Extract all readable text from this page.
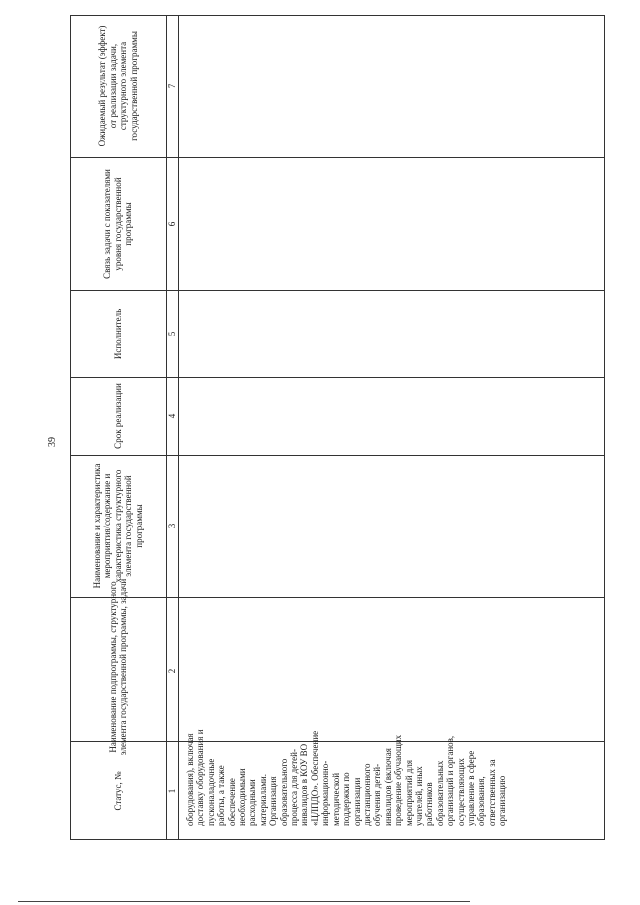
39
Статус, №
Наименование подпрограммы, структурного элемента государственной программы, задачи
Наименование и характеристика мероприятия/содержание и характеристика структурного элемента государственной программы
Срок реализации
Исполнитель
Связь задачи с показателями уровня государственной программы
Ожидаемый результат (эффект) от реализации задачи, структурного элемента государственной программы
1
2
3
4
5
6
7
оборудования), включая доставку оборудования и пусконаладочные работы, а также обеспечение необходимыми расходными материалами. Организация образовательного процесса для детей- инвалидов в КОУ ВО «ЦЛПДО». Обеспечение информационно- методической поддержки по организации дистанционного обучения детей- инвалидов (включая проведение обучающих мероприятий для учителей, иных работников образовательных организаций и органов, осуществляющих управление в сфере образования, ответственных за организацию
